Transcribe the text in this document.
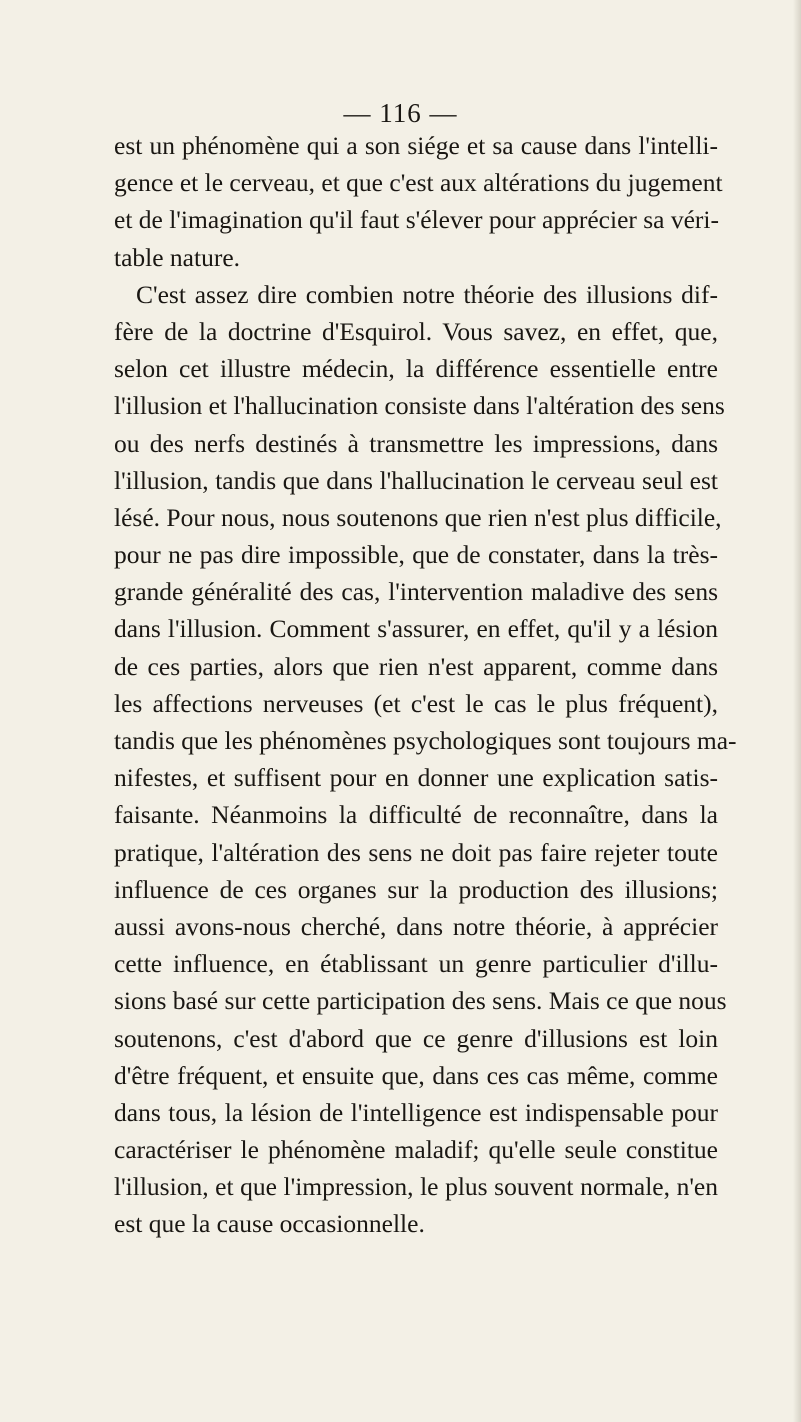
— 116 —
est un phénomène qui a son siége et sa cause dans l'intelli-
gence et le cerveau, et que c'est aux altérations du jugement
et de l'imagination qu'il faut s'élever pour apprécier sa véri-
table nature.
C'est assez dire combien notre théorie des illusions dif-
fère de la doctrine d'Esquirol. Vous savez, en effet, que,
selon cet illustre médecin, la différence essentielle entre
l'illusion et l'hallucination consiste dans l'altération des sens
ou des nerfs destinés à transmettre les impressions, dans
l'illusion, tandis que dans l'hallucination le cerveau seul est
lésé. Pour nous, nous soutenons que rien n'est plus difficile,
pour ne pas dire impossible, que de constater, dans la très-
grande généralité des cas, l'intervention maladive des sens
dans l'illusion. Comment s'assurer, en effet, qu'il y a lésion
de ces parties, alors que rien n'est apparent, comme dans
les affections nerveuses (et c'est le cas le plus fréquent),
tandis que les phénomènes psychologiques sont toujours ma-
nifestes, et suffisent pour en donner une explication satis-
faisante. Néanmoins la difficulté de reconnaître, dans la
pratique, l'altération des sens ne doit pas faire rejeter toute
influence de ces organes sur la production des illusions;
aussi avons-nous cherché, dans notre théorie, à apprécier
cette influence, en établissant un genre particulier d'illu-
sions basé sur cette participation des sens. Mais ce que nous
soutenons, c'est d'abord que ce genre d'illusions est loin
d'être fréquent, et ensuite que, dans ces cas même, comme
dans tous, la lésion de l'intelligence est indispensable pour
caractériser le phénomène maladif; qu'elle seule constitue
l'illusion, et que l'impression, le plus souvent normale, n'en
est que la cause occasionnelle.
